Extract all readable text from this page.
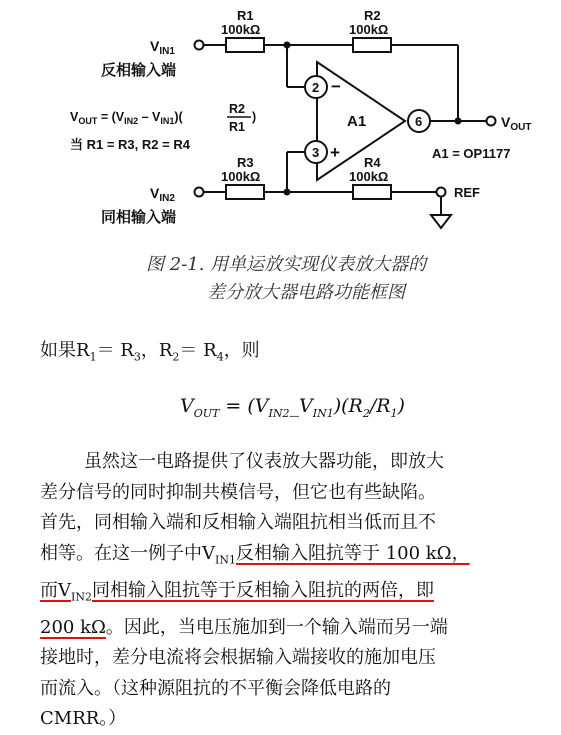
R1
100kΩ
R2
100kΩ
R3
100kΩ
R4
100kΩ
$V_{IN1}$
反相输入端
$V_{IN2}$
同相输入端
A1
2
3
6
−
+
$V_{OUT}$
REF
A1 = OP1177
$V_{OUT} = (V_{IN2} - V_{IN1})$(
R2
R1
)
当 R1 = R3, R2 = R4
图 2-1. 用单运放实现仪表放大器的
差分放大器电路功能框图
如果$R_1= R_3$，$R_2= R_4$，则
$V_{OUT}$ = $(V_{IN2}\_V_{IN1})(R_2/R_1)$
虽然这一电路提供了仪表放大器功能，即放大
差分信号的同时抑制共模信号，但它也有些缺陷。
首先，同相输入端和反相输入端阻抗相当低而且不
相等。在这一例子中$V_{IN1}$反相输入阻抗等于 100 kΩ，
而$V_{IN2}$同相输入阻抗等于反相输入阻抗的两倍，即
200 kΩ。因此，当电压施加到一个输入端而另一端
接地时，差分电流将会根据输入端接收的施加电压
而流入。（这种源阻抗的不平衡会降低电路的
CMRR。）
